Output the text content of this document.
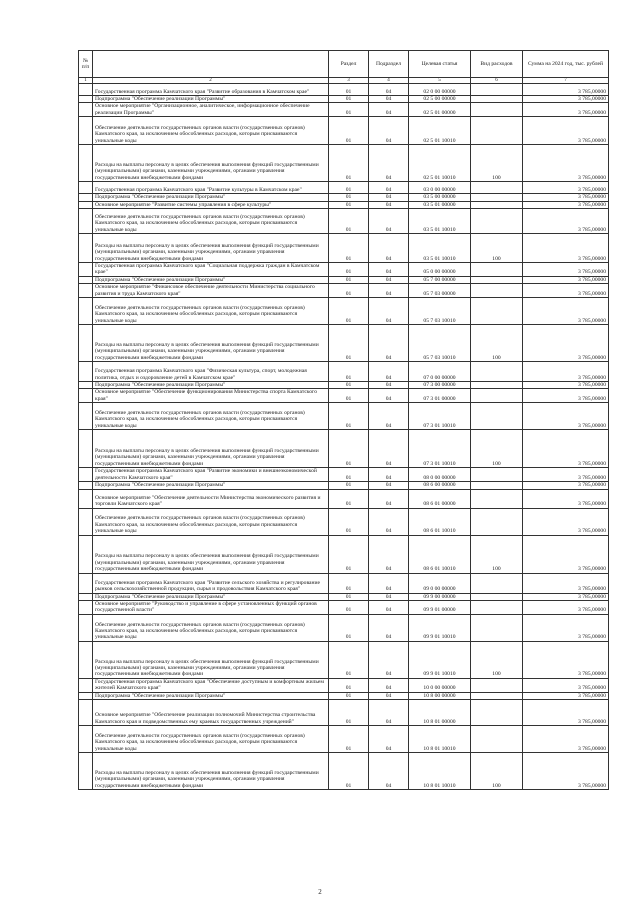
№ п/п		Раздел	Подраздел	Целевая статья	Вид расходов	Сумма на 2024 год, тыс. рублей
1	2	3	4	5	6	7
	Государственная программа Камчатского края "Развитие образования в Камчатском крае"	01	04	02 0 00 00000		3 785,00000
	Подпрограмма "Обеспечение реализации Программы"	01	04	02 5 00 00000		3 785,00000
	Основное мероприятие "Организационное, аналитическое, информационное обеспечение реализации Программы"	01	04	02 5 01 00000		3 785,00000
	Обеспечение деятельности государственных органов власти (государственных органов) Камчатского края, за исключением обособленных расходов, которым присваиваются уникальные коды	01	04	02 5 01 10010		3 785,00000
	Расходы на выплаты персоналу в целях обеспечения выполнения функций государственными (муниципальными) органами, казенными учреждениями, органами управления государственными внебюджетными фондами	01	04	02 5 01 10010	100	3 785,00000
	Государственная программа Камчатского края "Развитие культуры в Камчатском крае"	01	04	03 0 00 00000		3 785,00000
	Подпрограмма "Обеспечение реализации Программы"	01	04	03 5 00 00000		3 785,00000
	Основное мероприятие "Развитие системы управления в сфере культуры"	01	04	03 5 01 00000		3 785,00000
	Обеспечение деятельности государственных органов власти (государственных органов) Камчатского края, за исключением обособленных расходов, которым присваиваются уникальные коды	01	04	03 5 01 10010		3 785,00000
	Расходы на выплаты персоналу в целях обеспечения выполнения функций государственными (муниципальными) органами, казенными учреждениями, органами управления государственными внебюджетными фондами	01	04	03 5 01 10010	100	3 785,00000
	Государственная программа Камчатского края "Социальная поддержка граждан в Камчатском крае"	01	04	05 0 00 00000		3 785,00000
	Подпрограмма "Обеспечение реализации Программы"	01	04	05 7 00 00000		3 785,00000
	Основное мероприятие "Финансовое обеспечение деятельности Министерства социального развития и труда Камчатского края"	01	04	05 7 03 00000		3 785,00000
	Обеспечение деятельности государственных органов власти (государственных органов) Камчатского края, за исключением обособленных расходов, которым присваиваются уникальные коды	01	04	05 7 03 10010		3 785,00000
	Расходы на выплаты персоналу в целях обеспечения выполнения функций государственными (муниципальными) органами, казенными учреждениями, органами управления государственными внебюджетными фондами	01	04	05 7 03 10010	100	3 785,00000
	Государственная программа Камчатского края "Физическая культура, спорт, молодежная политика, отдых и оздоровление детей в Камчатском крае"	01	04	07 0 00 00000		3 785,00000
	Подпрограмма "Обеспечение реализации Программы"	01	04	07 3 00 00000		3 785,00000
	Основное мероприятие "Обеспечение функционирования Министерства спорта Камчатского края"	01	04	07 3 01 00000		3 785,00000
	Обеспечение деятельности государственных органов власти (государственных органов) Камчатского края, за исключением обособленных расходов, которым присваиваются уникальные коды	01	04	07 3 01 10010		3 785,00000
	Расходы на выплаты персоналу в целях обеспечения выполнения функций государственными (муниципальными) органами, казенными учреждениями, органами управления государственными внебюджетными фондами	01	04	07 3 01 10010	100	3 785,00000
	Государственная программа Камчатского края "Развитие экономики и внешнеэкономической деятельности Камчатского края"	01	04	08 0 00 00000		3 785,00000
	Подпрограмма "Обеспечение реализации Программы"	01	04	08 6 00 00000		3 785,00000
	Основное мероприятие "Обеспечение деятельности Министерства экономического развития и торговли Камчатского края"	01	04	08 6 01 00000		3 785,00000
	Обеспечение деятельности государственных органов власти (государственных органов) Камчатского края, за исключением обособленных расходов, которым присваиваются уникальные коды	01	04	08 6 01 10010		3 785,00000
	Расходы на выплаты персоналу в целях обеспечения выполнения функций государственными (муниципальными) органами, казенными учреждениями, органами управления государственными внебюджетными фондами	01	04	08 6 01 10010	100	3 785,00000
	Государственная программа Камчатского края "Развитие сельского хозяйства и регулирование рынков сельскохозяйственной продукции, сырья и продовольствия Камчатского края"	01	04	09 0 00 00000		3 785,00000
	Подпрограмма "Обеспечение реализации Программы"	01	04	09 9 00 00000		3 785,00000
	Основное мероприятие "Руководство и управление в сфере установленных функций органов государственной власти"	01	04	09 9 01 00000		3 785,00000
	Обеспечение деятельности государственных органов власти (государственных органов) Камчатского края, за исключением обособленных расходов, которым присваиваются уникальные коды	01	04	09 9 01 10010		3 785,00000
	Расходы на выплаты персоналу в целях обеспечения выполнения функций государственными (муниципальными) органами, казенными учреждениями, органами управления государственными внебюджетными фондами	01	04	09 9 01 10010	100	3 785,00000
	Государственная программа Камчатского края "Обеспечение доступным и комфортным жильем жителей Камчатского края"	01	04	10 0 00 00000		3 785,00000
	Подпрограмма "Обеспечение реализации Программы"	01	04	10 8 00 00000		3 785,00000
	Основное мероприятие "Обеспечение реализации полномочий Министерства строительства Камчатского края и подведомственных ему краевых государственных учреждений"	01	04	10 8 01 00000		3 785,00000
	Обеспечение деятельности государственных органов власти (государственных органов) Камчатского края, за исключением обособленных расходов, которым присваиваются уникальные коды	01	04	10 8 01 10010		3 785,00000
	Расходы на выплаты персоналу в целях обеспечения выполнения функций государственными (муниципальными) органами, казенными учреждениями, органами управления государственными внебюджетными фондами	01	04	10 8 01 10010	100	3 785,00000
2
